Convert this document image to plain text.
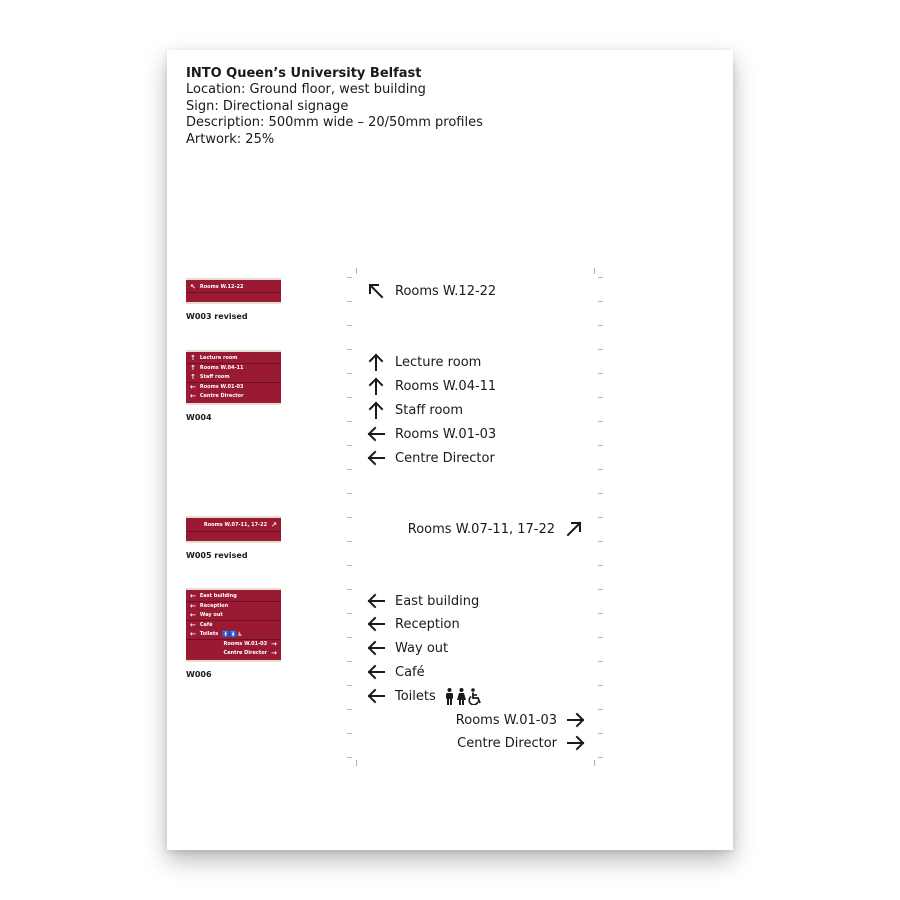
INTO Queen’s University Belfast
Location: Ground floor, west building
Sign: Directional signage
Description: 500mm wide – 20/50mm profiles
Artwork: 25%
↖ Rooms W.12-22
W003 revised
↑ Lecture room
↑ Rooms W.04-11
↑ Staff room
← Rooms W.01-03
← Centre Director
W004
Rooms W.07-11, 17-22 ↗
W005 revised
← East building
← Reception
← Way out
← Café
← Toilets 🚹🚺♿
Rooms W.01-03 →
Centre Director →
W006
Rooms W.12-22
Lecture room
Rooms W.04-11
Staff room
Rooms W.01-03
Centre Director
Rooms W.07-11, 17-22
East building
Reception
Way out
Café
Toilets
Rooms W.01-03
Centre Director
